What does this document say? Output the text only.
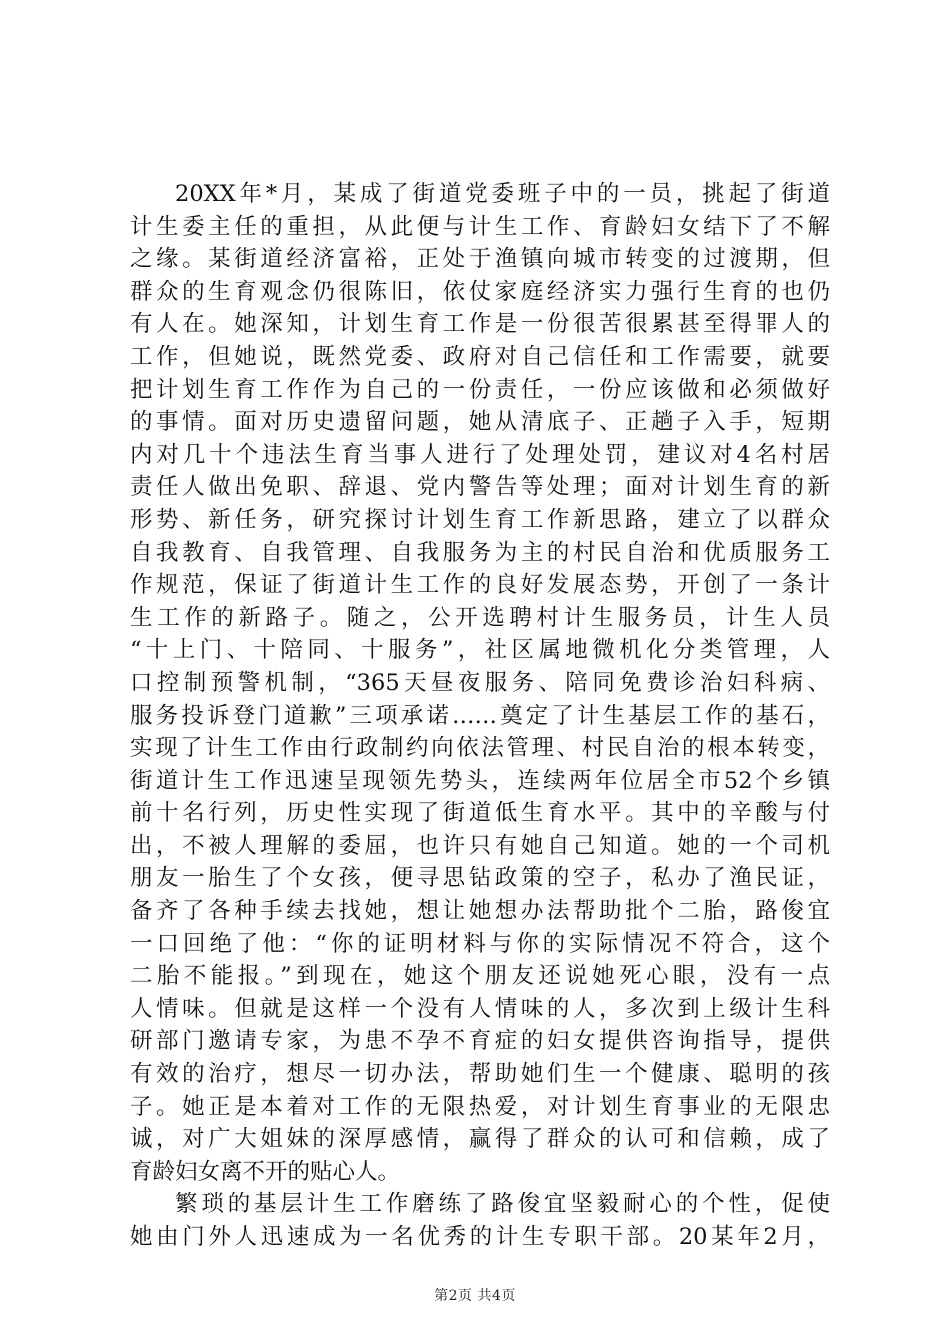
20XX年*月，某成了街道党委班子中的一员，挑起了街道
计生委主任的重担，从此便与计生工作、育龄妇女结下了不解
之缘。某街道经济富裕，正处于渔镇向城市转变的过渡期，但
群众的生育观念仍很陈旧，依仗家庭经济实力强行生育的也仍
有人在。她深知，计划生育工作是一份很苦很累甚至得罪人的
工作，但她说，既然党委、政府对自己信任和工作需要，就要
把计划生育工作作为自己的一份责任，一份应该做和必须做好
的事情。面对历史遗留问题，她从清底子、正趟子入手，短期
内对几十个违法生育当事人进行了处理处罚，建议对4名村居
责任人做出免职、辞退、党内警告等处理；面对计划生育的新
形势、新任务，研究探讨计划生育工作新思路，建立了以群众
自我教育、自我管理、自我服务为主的村民自治和优质服务工
作规范，保证了街道计生工作的良好发展态势，开创了一条计
生工作的新路子。随之，公开选聘村计生服务员，计生人员
“十上门、十陪同、十服务”，社区属地微机化分类管理，人
口控制预警机制，“365天昼夜服务、陪同免费诊治妇科病、
服务投诉登门道歉”三项承诺……奠定了计生基层工作的基石，
实现了计生工作由行政制约向依法管理、村民自治的根本转变，
街道计生工作迅速呈现领先势头，连续两年位居全市52个乡镇
前十名行列，历史性实现了街道低生育水平。其中的辛酸与付
出，不被人理解的委屈，也许只有她自己知道。她的一个司机
朋友一胎生了个女孩，便寻思钻政策的空子，私办了渔民证，
备齐了各种手续去找她，想让她想办法帮助批个二胎，路俊宜
一口回绝了他：“你的证明材料与你的实际情况不符合，这个
二胎不能报。”到现在，她这个朋友还说她死心眼，没有一点
人情味。但就是这样一个没有人情味的人，多次到上级计生科
研部门邀请专家，为患不孕不育症的妇女提供咨询指导，提供
有效的治疗，想尽一切办法，帮助她们生一个健康、聪明的孩
子。她正是本着对工作的无限热爱，对计划生育事业的无限忠
诚，对广大姐妹的深厚感情，赢得了群众的认可和信赖，成了
育龄妇女离不开的贴心人。
繁琐的基层计生工作磨练了路俊宜坚毅耐心的个性，促使
她由门外人迅速成为一名优秀的计生专职干部。20某年2月，
第2页 共4页
